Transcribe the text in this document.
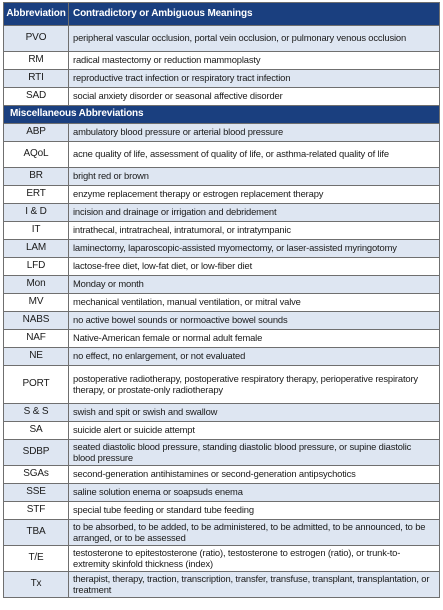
Abbreviation	Contradictory or Ambiguous Meanings
PVO	peripheral vascular occlusion, portal vein occlusion, or pulmonary venous occlusion
RM	radical mastectomy or reduction mammoplasty
RTI	reproductive tract infection or respiratory tract infection
SAD	social anxiety disorder or seasonal affective disorder
Miscellaneous Abbreviations	
ABP	ambulatory blood pressure or arterial blood pressure
AQoL	acne quality of life, assessment of quality of life, or asthma-related quality of life
BR	bright red or brown
ERT	enzyme replacement therapy or estrogen replacement therapy
I & D	incision and drainage or irrigation and debridement
IT	intrathecal, intratracheal, intratumoral, or intratympanic
LAM	laminectomy, laparoscopic-assisted myomectomy, or laser-assisted myringotomy
LFD	lactose-free diet, low-fat diet, or low-fiber diet
Mon	Monday or month
MV	mechanical ventilation, manual ventilation, or mitral valve
NABS	no active bowel sounds or normoactive bowel sounds
NAF	Native-American female or normal adult female
NE	no effect, no enlargement, or not evaluated
PORT	postoperative radiotherapy, postoperative respiratory therapy, perioperative respiratory therapy, or prostate-only radiotherapy
S & S	swish and spit or swish and swallow
SA	suicide alert or suicide attempt
SDBP	seated diastolic blood pressure, standing diastolic blood pressure, or supine diastolic blood pressure
SGAs	second-generation antihistamines or second-generation antipsychotics
SSE	saline solution enema or soapsuds enema
STF	special tube feeding or standard tube feeding
TBA	to be absorbed, to be added, to be administered, to be admitted, to be announced, to be arranged, or to be assessed
T/E	testosterone to epitestosterone (ratio), testosterone to estrogen (ratio), or trunk-to-extremity skinfold thickness (index)
Tx	therapist, therapy, traction, transcription, transfer, transfuse, transplant, transplantation, or treatment
